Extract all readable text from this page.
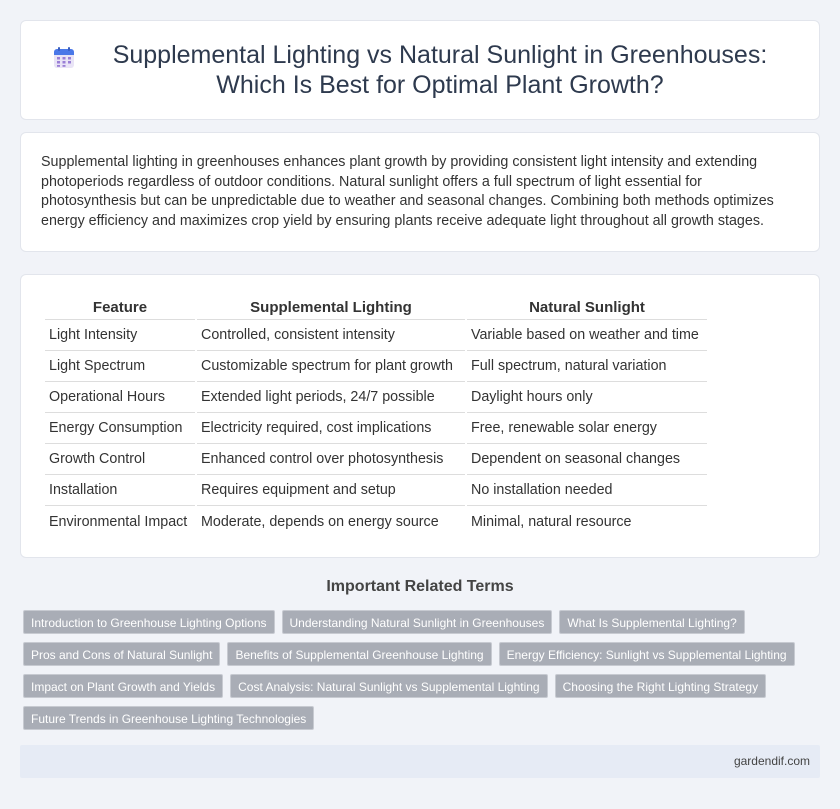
Supplemental Lighting vs Natural Sunlight in Greenhouses: Which Is Best for Optimal Plant Growth?

Supplemental lighting in greenhouses enhances plant growth by providing consistent light intensity and extending photoperiods regardless of outdoor conditions. Natural sunlight offers a full spectrum of light essential for photosynthesis but can be unpredictable due to weather and seasonal changes. Combining both methods optimizes energy efficiency and maximizes crop yield by ensuring plants receive adequate light throughout all growth stages.

Feature	Supplemental Lighting	Natural Sunlight
Light Intensity	Controlled, consistent intensity	Variable based on weather and time
Light Spectrum	Customizable spectrum for plant growth	Full spectrum, natural variation
Operational Hours	Extended light periods, 24/7 possible	Daylight hours only
Energy Consumption	Electricity required, cost implications	Free, renewable solar energy
Growth Control	Enhanced control over photosynthesis	Dependent on seasonal changes
Installation	Requires equipment and setup	No installation needed
Environmental Impact	Moderate, depends on energy source	Minimal, natural resource
Important Related Terms
Introduction to Greenhouse Lighting Options	Understanding Natural Sunlight in Greenhouses	What Is Supplemental Lighting?
Pros and Cons of Natural Sunlight	Benefits of Supplemental Greenhouse Lighting	Energy Efficiency: Sunlight vs Supplemental Lighting
Impact on Plant Growth and Yields	Cost Analysis: Natural Sunlight vs Supplemental Lighting	Choosing the Right Lighting Strategy
Future Trends in Greenhouse Lighting Technologies
gardendif.com
